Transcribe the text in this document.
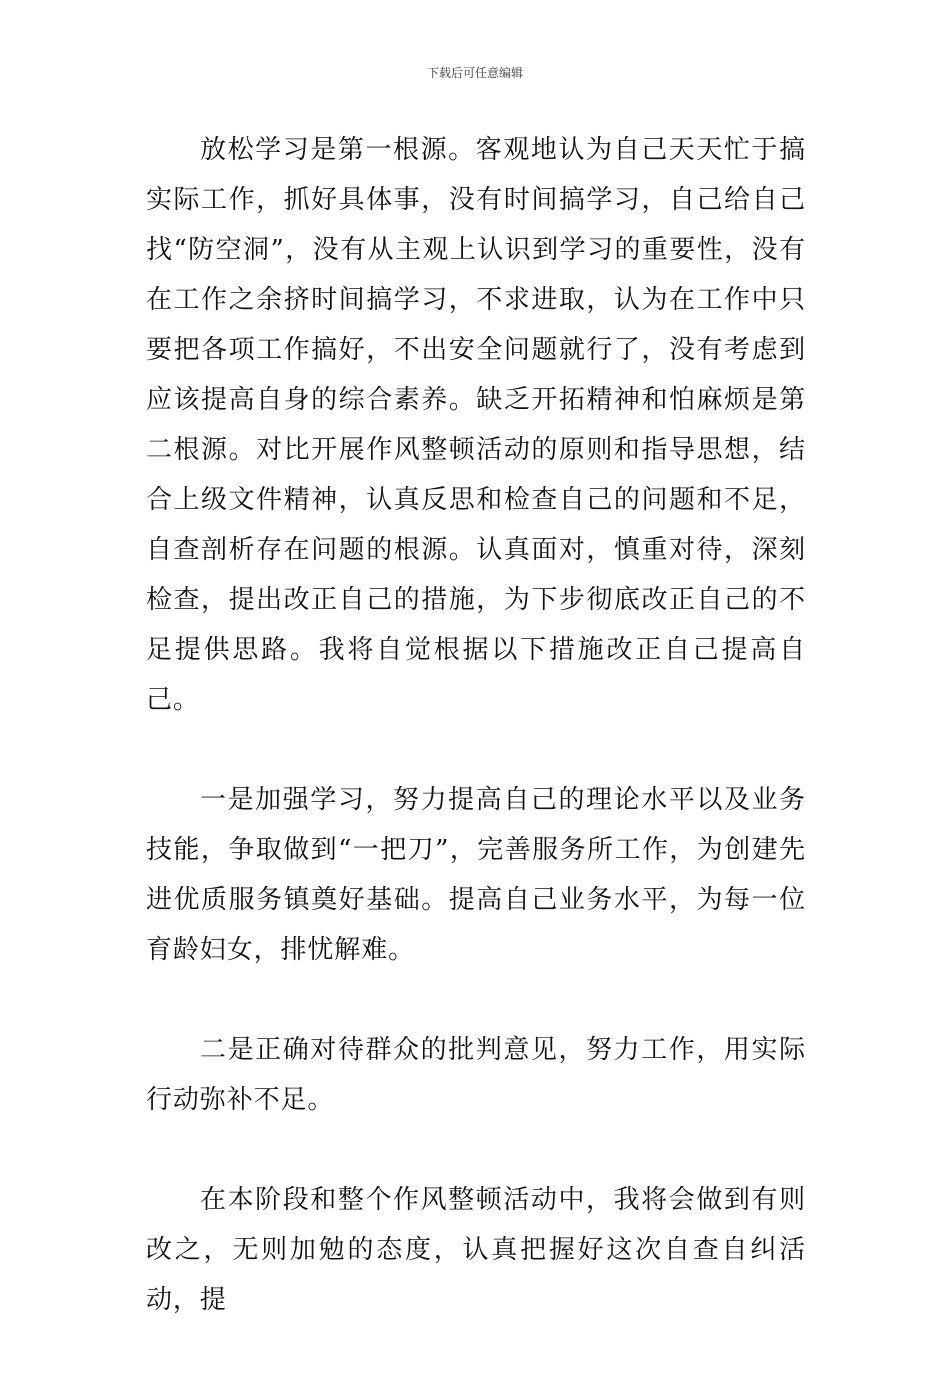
下载后可任意编辑

放松学习是第一根源。客观地认为自己天天忙于搞实际工作，抓好具体事，没有时间搞学习，自己给自己找“防空洞”，没有从主观上认识到学习的重要性，没有在工作之余挤时间搞学习，不求进取，认为在工作中只要把各项工作搞好，不出安全问题就行了，没有考虑到应该提高自身的综合素养。缺乏开拓精神和怕麻烦是第二根源。对比开展作风整顿活动的原则和指导思想，结合上级文件精神，认真反思和检查自己的问题和不足，自查剖析存在问题的根源。认真面对，慎重对待，深刻检查，提出改正自己的措施，为下步彻底改正自己的不足提供思路。我将自觉根据以下措施改正自己提高自己。

一是加强学习，努力提高自己的理论水平以及业务技能，争取做到“一把刀”，完善服务所工作，为创建先进优质服务镇奠好基础。提高自己业务水平，为每一位育龄妇女，排忧解难。

二是正确对待群众的批判意见，努力工作，用实际行动弥补不足。

在本阶段和整个作风整顿活动中，我将会做到有则改之，无则加勉的态度，认真把握好这次自查自纠活动，提
